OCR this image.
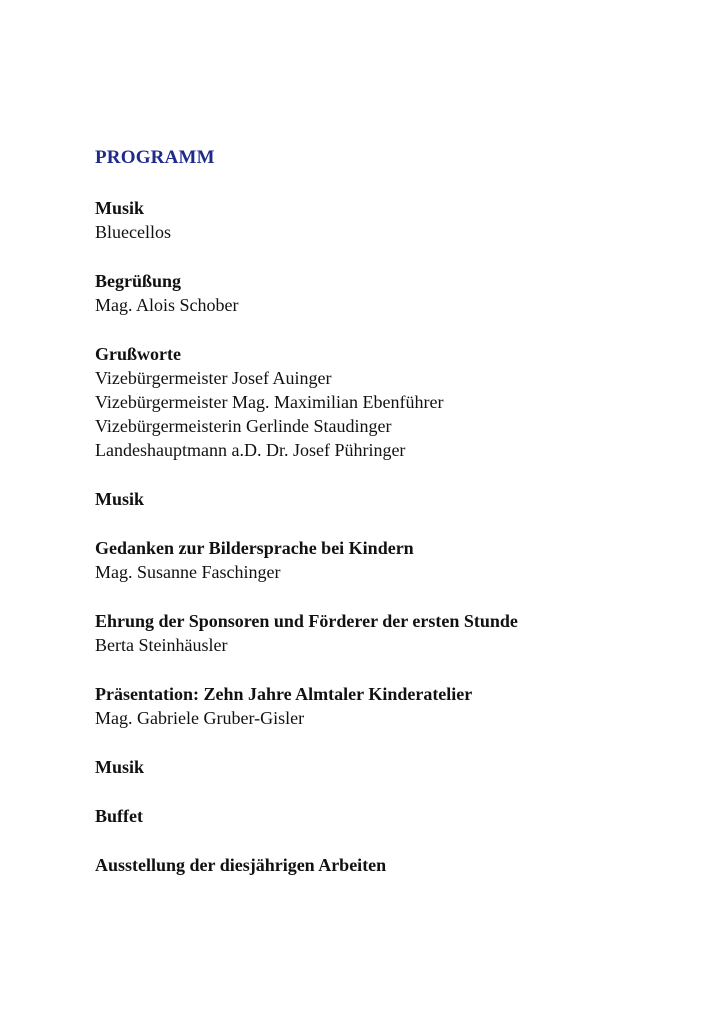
PROGRAMM
Musik
Bluecellos
Begrüßung
Mag. Alois Schober
Grußworte
Vizebürgermeister Josef Auinger
Vizebürgermeister Mag. Maximilian Ebenführer
Vizebürgermeisterin Gerlinde Staudinger
Landeshauptmann a.D. Dr. Josef Pühringer
Musik
Gedanken zur Bildersprache bei Kindern
Mag. Susanne Faschinger
Ehrung der Sponsoren und Förderer der ersten Stunde
Berta Steinhäusler
Präsentation: Zehn Jahre Almtaler Kinderatelier
Mag. Gabriele Gruber-Gisler
Musik
Buffet
Ausstellung der diesjährigen Arbeiten
